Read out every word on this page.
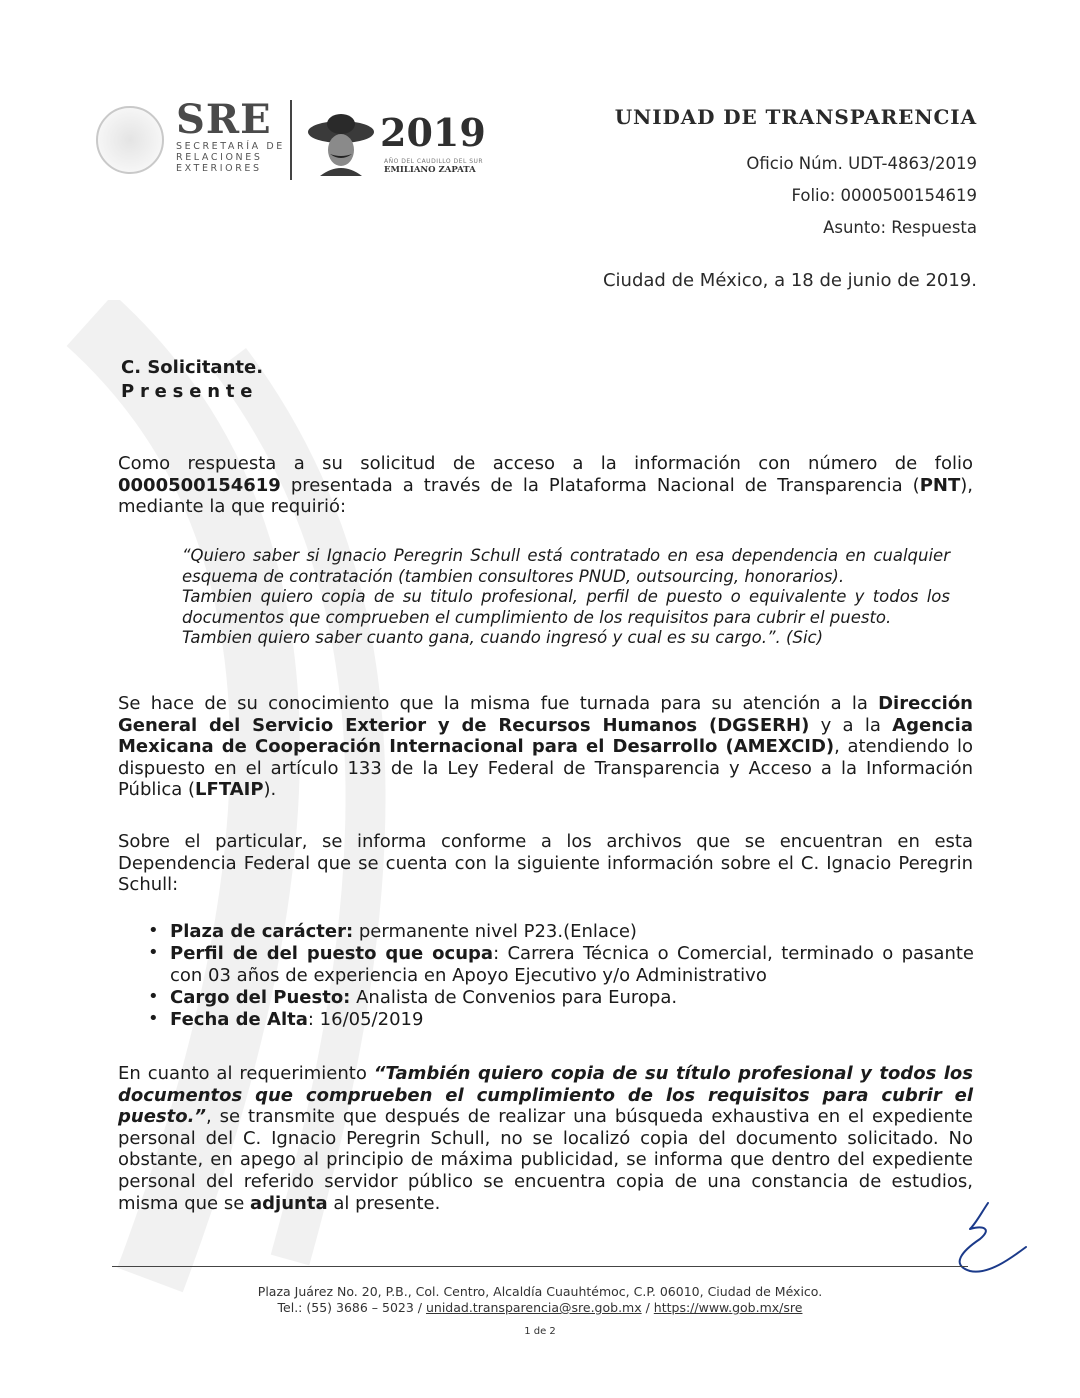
SRE
SECRETARÍA DE
RELACIONES
EXTERIORES
2019
AÑO DEL CAUDILLO DEL SUR
EMILIANO ZAPATA
UNIDAD DE TRANSPARENCIA
Oficio Núm. UDT-4863/2019
Folio: 0000500154619
Asunto: Respuesta
Ciudad de México, a 18 de junio de 2019.
C. Solicitante.
Presente
Como respuesta a su solicitud de acceso a la información con número de folio 0000500154619 presentada a través de la Plataforma Nacional de Transparencia (PNT), mediante la que requirió:
“Quiero saber si Ignacio Peregrin Schull está contratado en esa dependencia en cualquier esquema de contratación (tambien consultores PNUD, outsourcing, honorarios).
Tambien quiero copia de su titulo profesional, perfil de puesto o equivalente y todos los documentos que comprueben el cumplimiento de los requisitos para cubrir el puesto.
Tambien quiero saber cuanto gana, cuando ingresó y cual es su cargo.”. (Sic)
Se hace de su conocimiento que la misma fue turnada para su atención a la Dirección General del Servicio Exterior y de Recursos Humanos (DGSERH) y a la Agencia Mexicana de Cooperación Internacional para el Desarrollo (AMEXCID), atendiendo lo dispuesto en el artículo 133 de la Ley Federal de Transparencia y Acceso a la Información Pública (LFTAIP).
Sobre el particular, se informa conforme a los archivos que se encuentran en esta Dependencia Federal que se cuenta con la siguiente información sobre el C. Ignacio Peregrin Schull:
• Plaza de carácter: permanente nivel P23.(Enlace)
• Perfil de del puesto que ocupa: Carrera Técnica o Comercial, terminado o pasante con 03 años de experiencia en Apoyo Ejecutivo y/o Administrativo
• Cargo del Puesto: Analista de Convenios para Europa.
• Fecha de Alta: 16/05/2019
En cuanto al requerimiento “También quiero copia de su título profesional y todos los documentos que comprueben el cumplimiento de los requisitos para cubrir el puesto.”, se transmite que después de realizar una búsqueda exhaustiva en el expediente personal del C. Ignacio Peregrin Schull, no se localizó copia del documento solicitado. No obstante, en apego al principio de máxima publicidad, se informa que dentro del expediente personal del referido servidor público se encuentra copia de una constancia de estudios, misma que se adjunta al presente.
Plaza Juárez No. 20, P.B., Col. Centro, Alcaldía Cuauhtémoc, C.P. 06010, Ciudad de México.
Tel.: (55) 3686 – 5023 / unidad.transparencia@sre.gob.mx / https://www.gob.mx/sre
1 de 2
